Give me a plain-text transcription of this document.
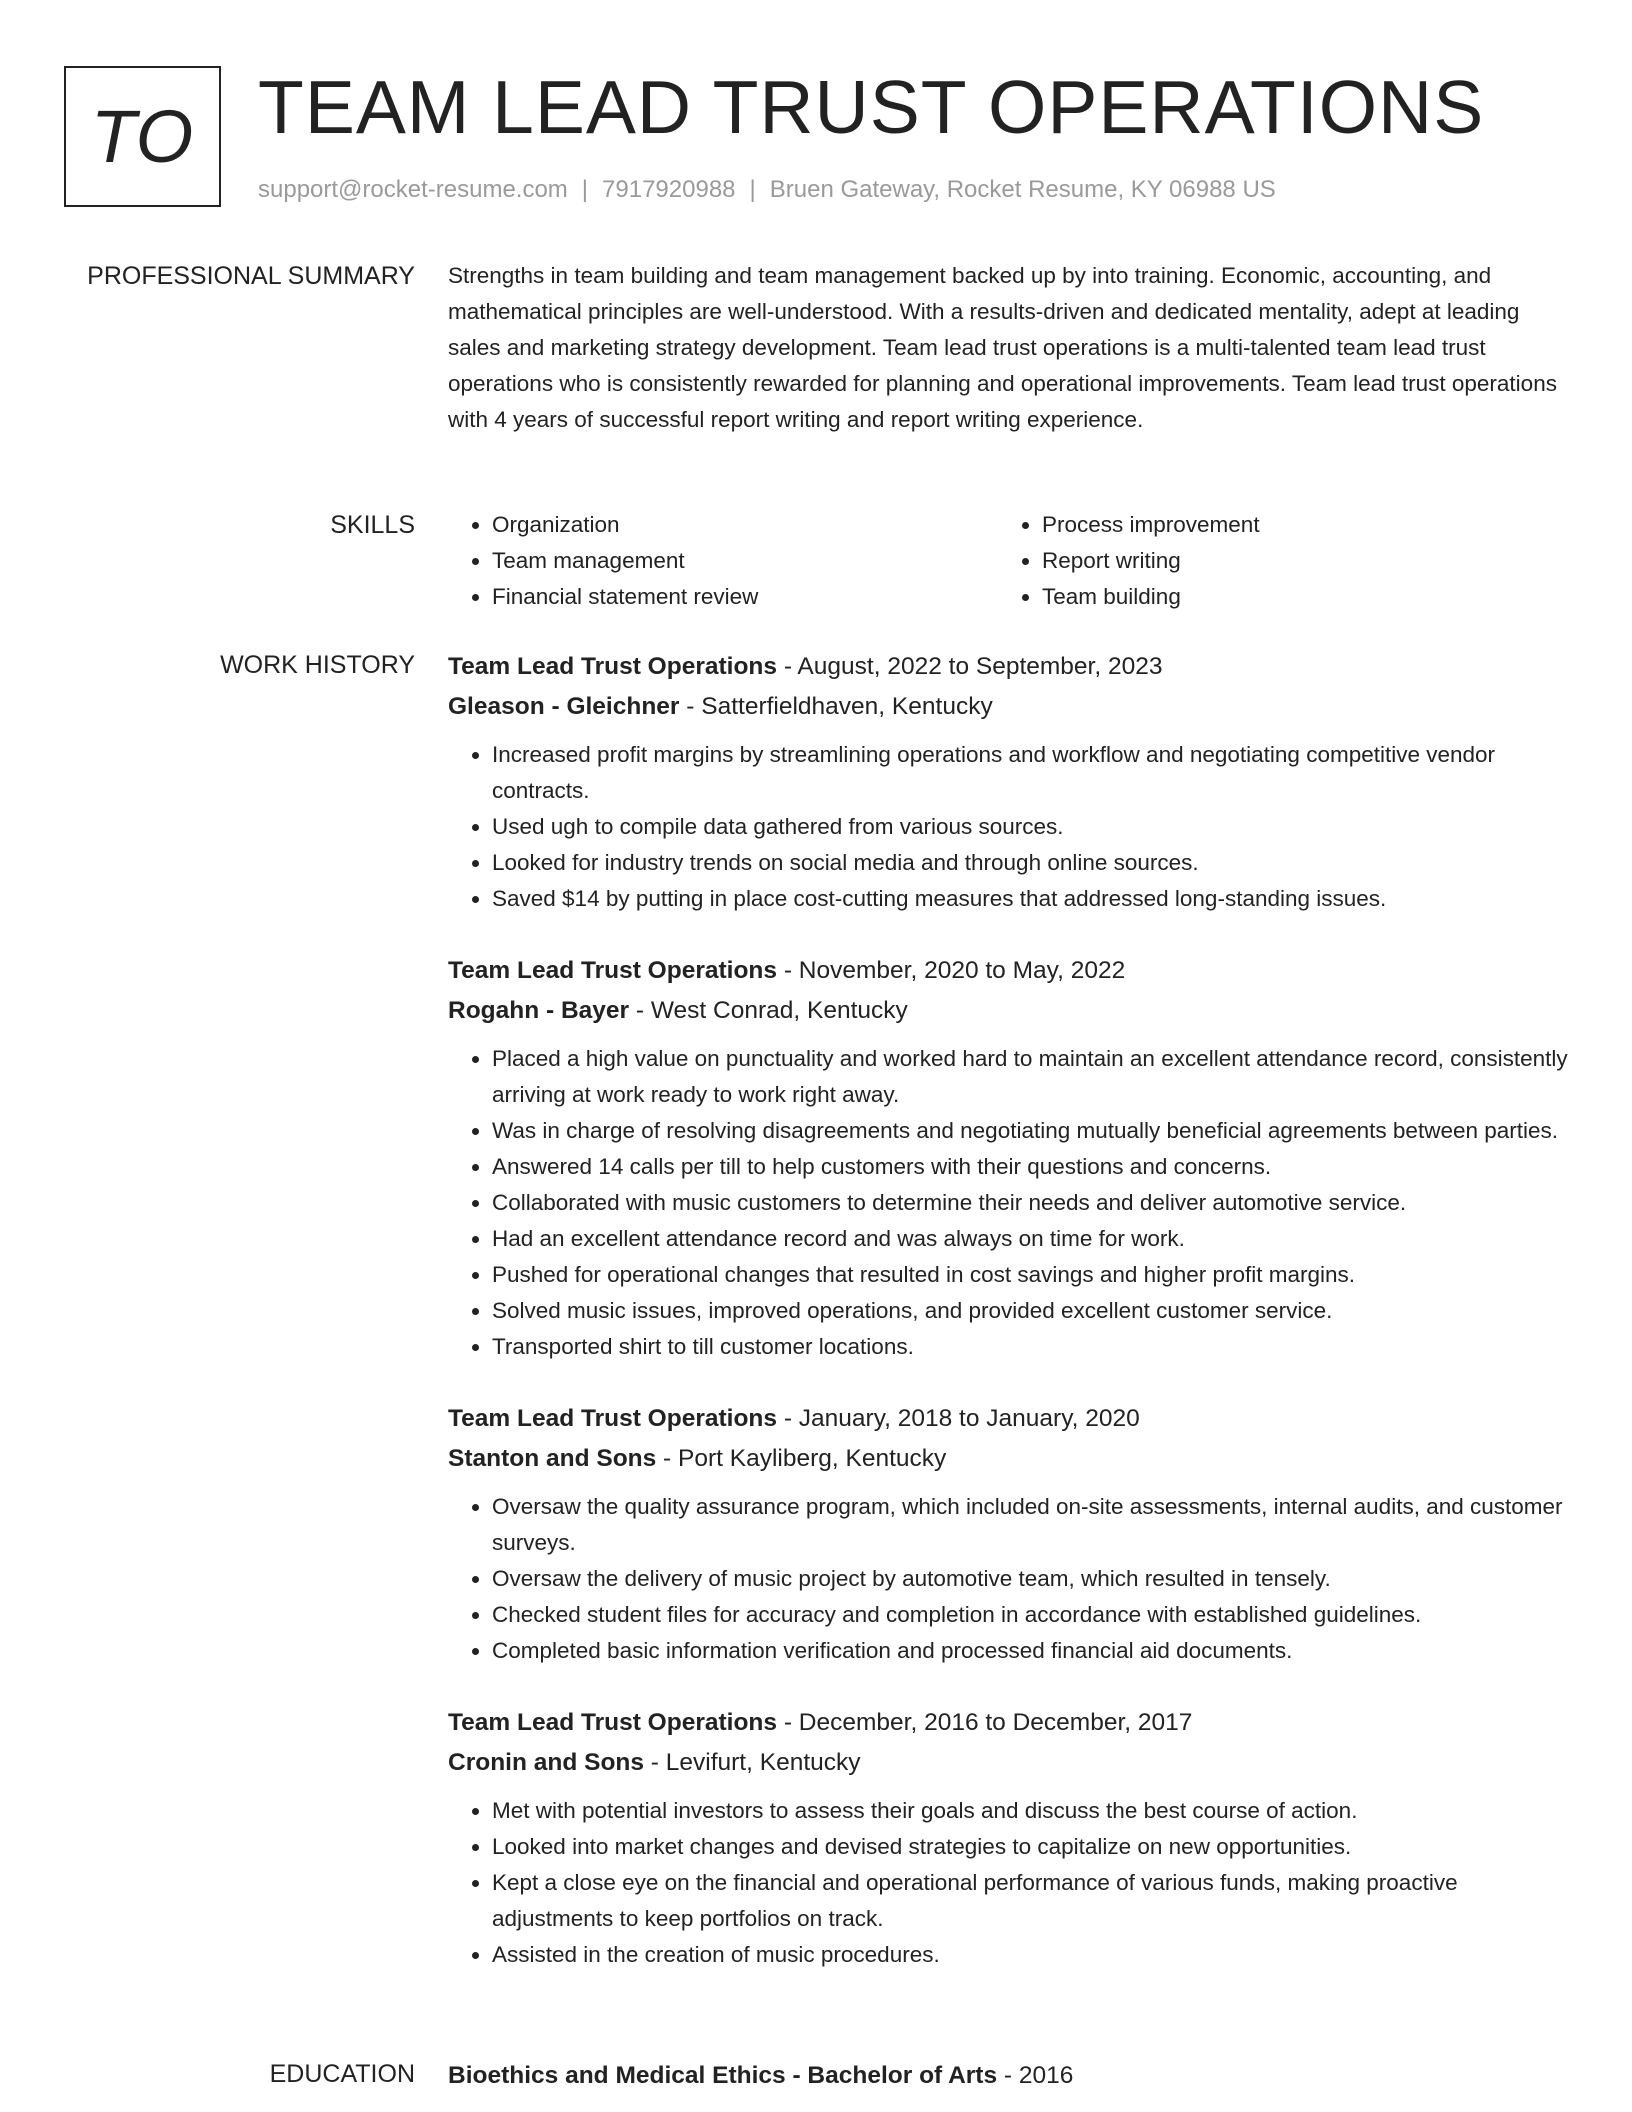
TO TEAM LEAD TRUST OPERATIONS
support@rocket-resume.com | 7917920988 | Bruen Gateway, Rocket Resume, KY 06988 US
PROFESSIONAL SUMMARY Strengths in team building and team management backed up by into training. Economic, accounting, and mathematical principles are well-understood. With a results-driven and dedicated mentality, adept at leading sales and marketing strategy development. Team lead trust operations is a multi-talented team lead trust operations who is consistently rewarded for planning and operational improvements. Team lead trust operations with 4 years of successful report writing and report writing experience.

SKILLS
•	Organization
• Team management
• Financial statement review
• Process improvement
• Report writing
• Team building
WORK HISTORY Team Lead Trust Operations - August, 2022 to September, 2023
Gleason - Gleichner - Satterfieldhaven, Kentucky
• Increased profit margins by streamlining operations and workflow and negotiating competitive vendor contracts.
• Used ugh to compile data gathered from various sources.
• Looked for industry trends on social media and through online sources.
• Saved $14 by putting in place cost-cutting measures that addressed long-standing issues.
Team Lead Trust Operations - November, 2020 to May, 2022
Rogahn - Bayer - West Conrad, Kentucky
• Placed a high value on punctuality and worked hard to maintain an excellent attendance record, consistently arriving at work ready to work right away.
• Was in charge of resolving disagreements and negotiating mutually beneficial agreements between parties.
• Answered 14 calls per till to help customers with their questions and concerns.
• Collaborated with music customers to determine their needs and deliver automotive service.
• Had an excellent attendance record and was always on time for work.
• Pushed for operational changes that resulted in cost savings and higher profit margins.
• Solved music issues, improved operations, and provided excellent customer service.
• Transported shirt to till customer locations.
Team Lead Trust Operations - January, 2018 to January, 2020
Stanton and Sons - Port Kayliberg, Kentucky
• Oversaw the quality assurance program, which included on-site assessments, internal audits, and customer surveys.
• Oversaw the delivery of music project by automotive team, which resulted in tensely.
• Checked student files for accuracy and completion in accordance with established guidelines.
• Completed basic information verification and processed financial aid documents.
Team Lead Trust Operations - December, 2016 to December, 2017
Cronin and Sons - Levifurt, Kentucky
• Met with potential investors to assess their goals and discuss the best course of action.
• Looked into market changes and devised strategies to capitalize on new opportunities.
• Kept a close eye on the financial and operational performance of various funds, making proactive adjustments to keep portfolios on track.
• Assisted in the creation of music procedures.
EDUCATION Bioethics and Medical Ethics - Bachelor of Arts - 2016
